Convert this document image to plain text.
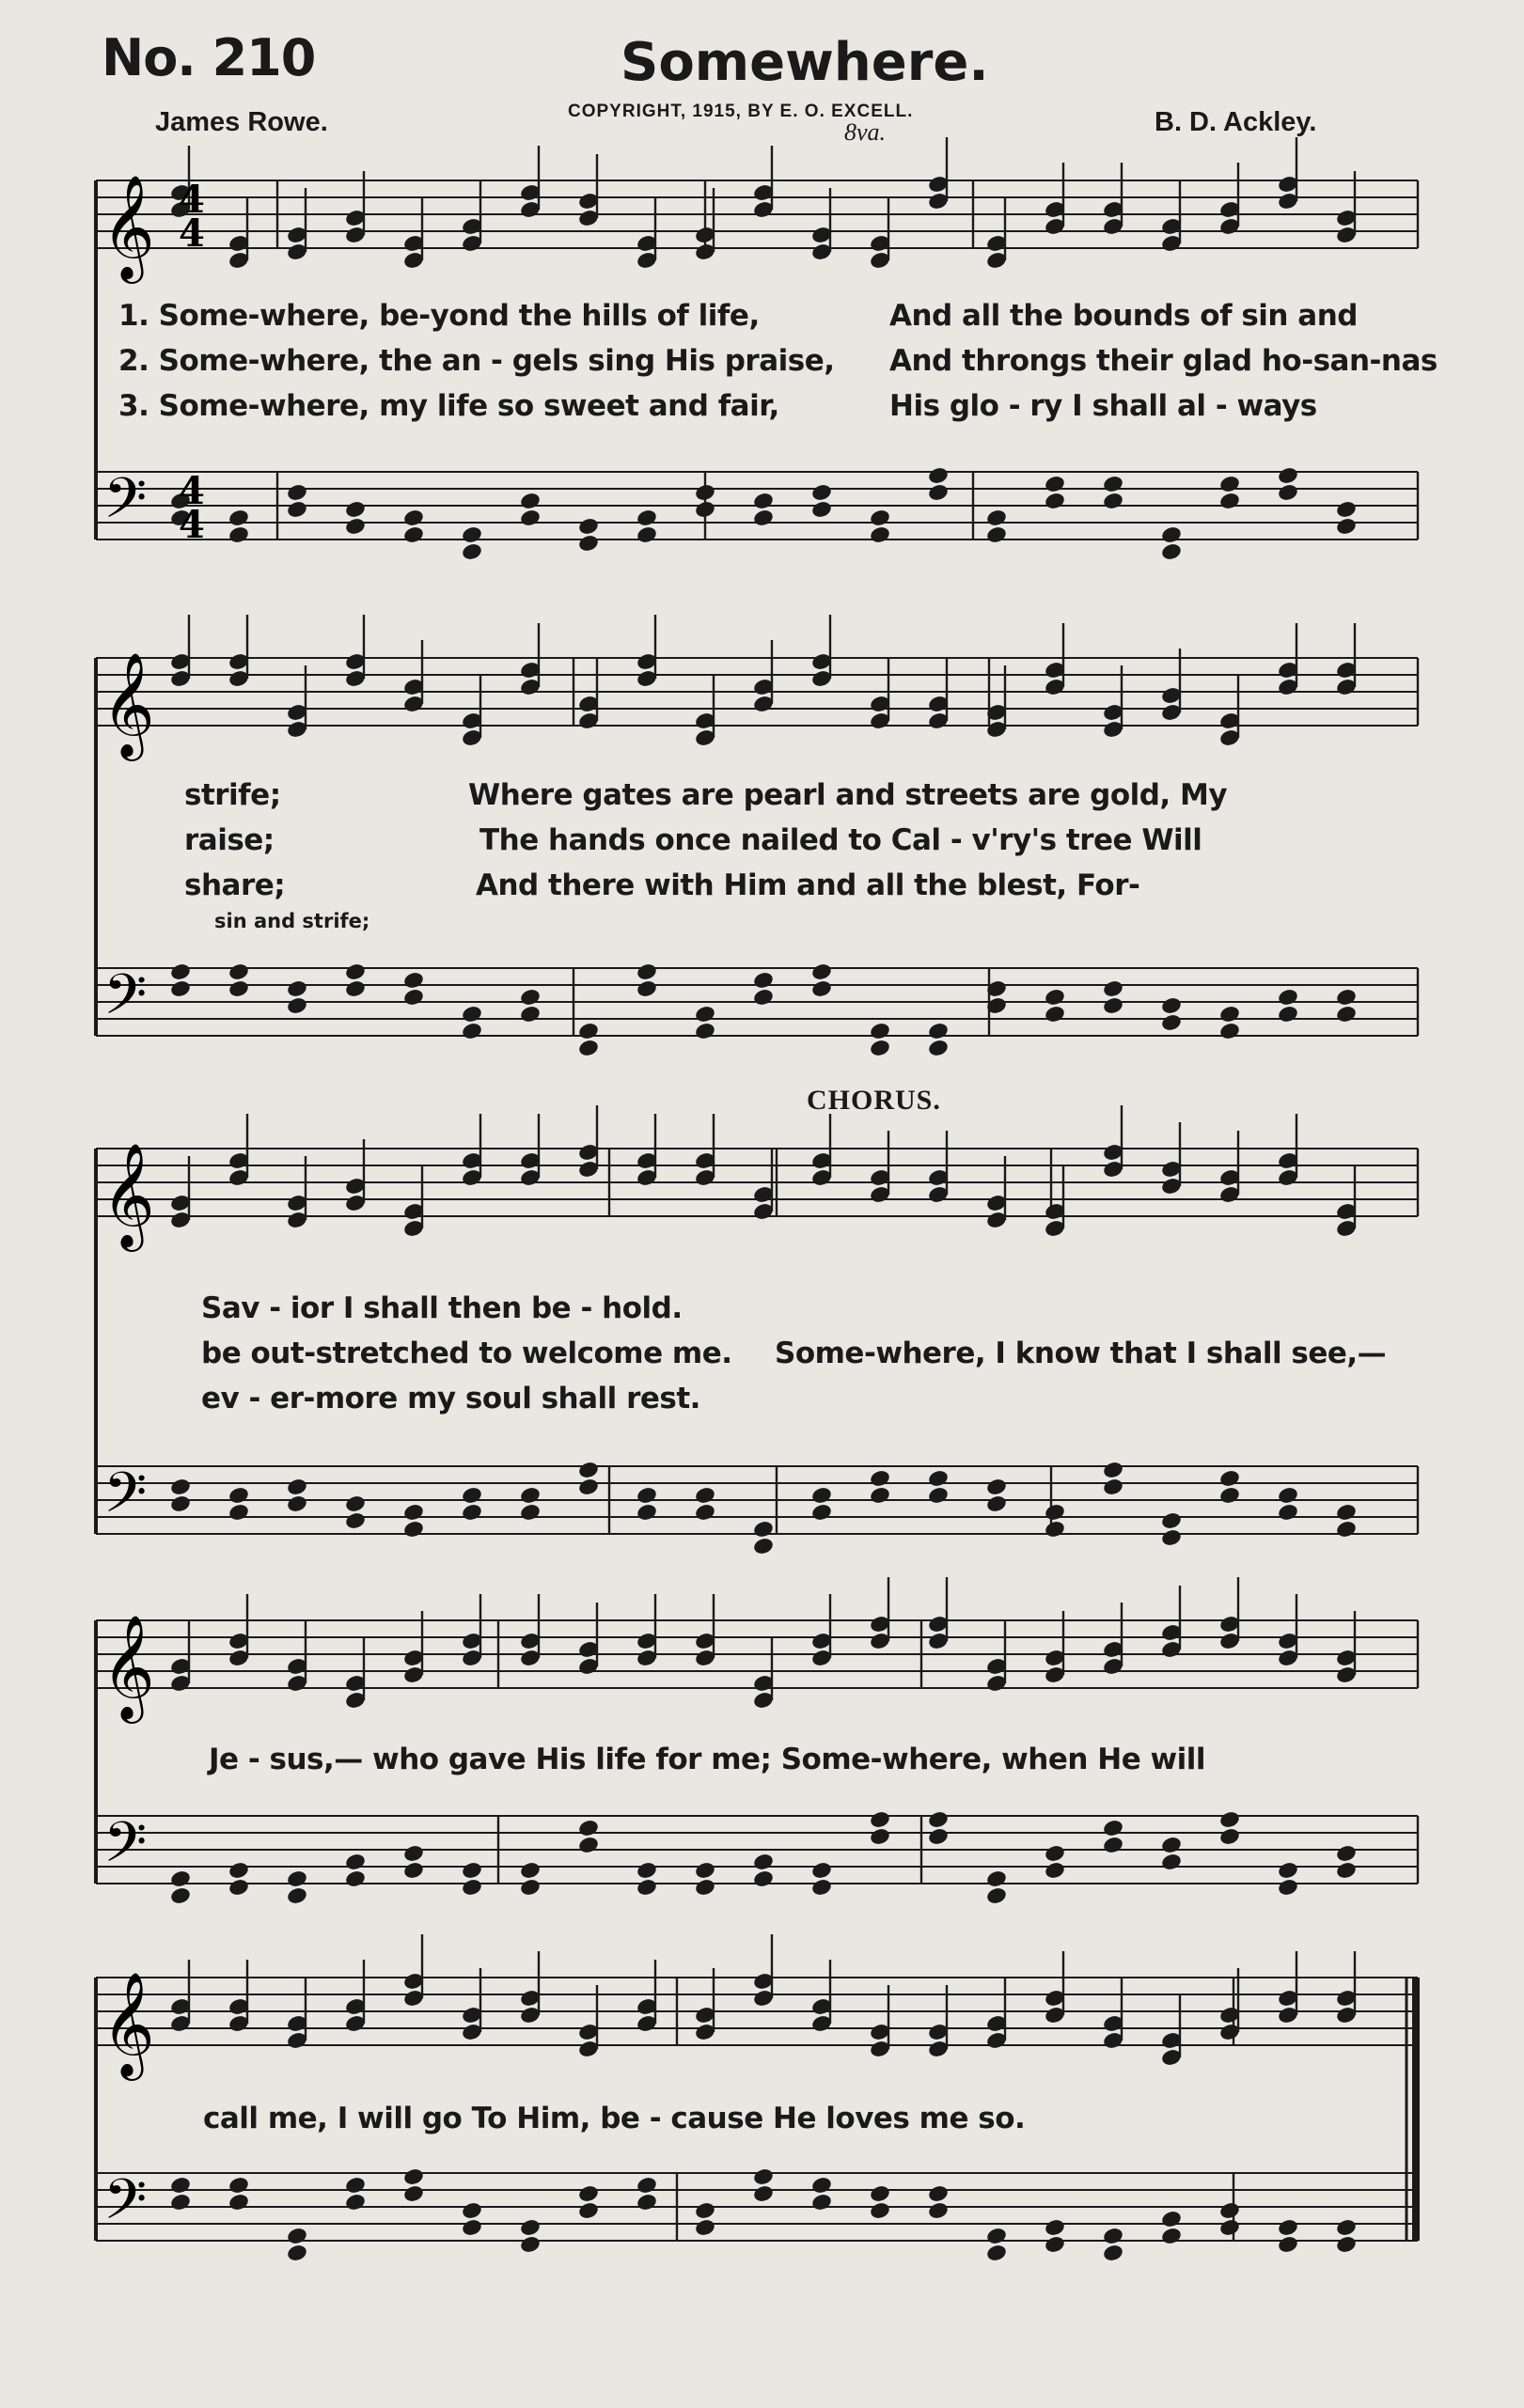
No. 210	Somewhere.
James Rowe.	COPYRIGHT, 1915, BY E. O. EXCELL.	B. D. Ackley.
8va.
𝄞
𝄢
𝄞
𝄢
𝄞
𝄢
𝄞
𝄢
𝄞
𝄢
4
4
4
4
1. Some-where, be-yond the hills of life,	And all the bounds of sin and
2. Some-where, the an - gels sing His praise, And throngs their glad ho-san-nas
3. Some-where, my life so sweet and fair,	His glo - ry I shall al - ways
strife;	Where gates are pearl and streets are gold, My
raise;	The hands once nailed to Cal - v'ry's tree Will
share;	And there with Him and all the blest, For-
sin and strife;
CHORUS.
Sav - ior I shall then be - hold.
be out-stretched to welcome me. Some-where, I know that I shall see,—
ev - er-more my soul shall rest.
Je - sus,— who gave His life for me; Some-where, when He will
call me, I will go To Him, be - cause He loves me so.
